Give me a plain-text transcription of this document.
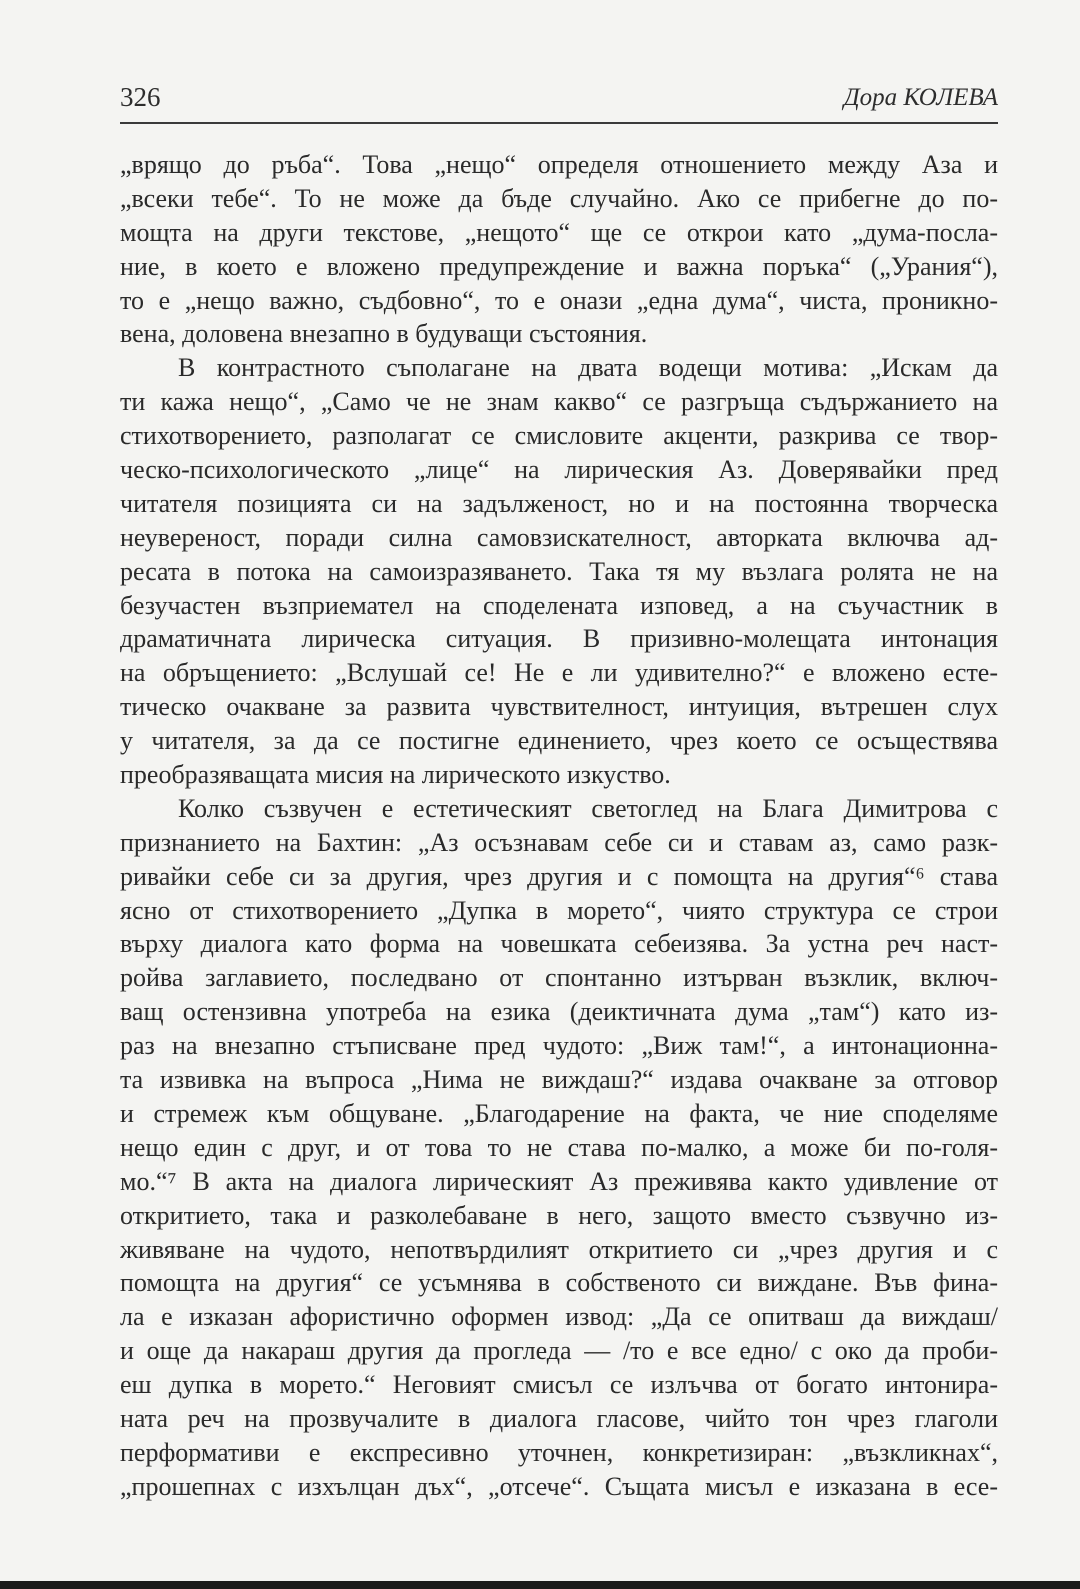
326	Дора КОЛЕВА
„врящо до ръба“. Това „нещо“ определя отношението между Аза и
„всеки тебе“. То не може да бъде случайно. Ако се прибегне до по-
мощта на други текстове, „нещото“ ще се открои като „дума-посла-
ние, в което е вложено предупреждение и важна поръка“ („Урания“),
то е „нещо важно, съдбовно“, то е онази „една дума“, чиста, проникно-
вена, доловена внезапно в будуващи състояния.
В контрастното съполагане на двата водещи мотива: „Искам да
ти кажа нещо“, „Само че не знам какво“ се разгръща съдържанието на
стихотворението, разполагат се смисловите акценти, разкрива се твор-
ческо-психологическото „лице“ на лирическия Аз. Доверявайки пред
читателя позицията си на задълженост, но и на постоянна творческа
неувереност, поради силна самовзискателност, авторката включва ад-
ресата в потока на самоизразяването. Така тя му възлага ролята не на
безучастен възприемател на споделената изповед, а на съучастник в
драматичната лирическа ситуация. В призивно-молещата интонация
на обръщението: „Вслушай се! Не е ли удивително?“ е вложено есте-
тическо очакване за развита чувствителност, интуиция, вътрешен слух
у читателя, за да се постигне единението, чрез което се осъществява
преобразяващата мисия на лирическото изкуство.
Колко съзвучен е естетическият светоглед на Блага Димитрова с
признанието на Бахтин: „Аз осъзнавам себе си и ставам аз, само разк-
ривайки себе си за другия, чрез другия и с помощта на другия“⁶ става
ясно от стихотворението „Дупка в морето“, чиято структура се строи
върху диалога като форма на човешката себеизява. За устна реч наст-
ройва заглавието, последвано от спонтанно изтърван възклик, включ-
ващ остензивна употреба на езика (деиктичната дума „там“) като из-
раз на внезапно стъписване пред чудото: „Виж там!“, а интонационна-
та извивка на въпроса „Нима не виждаш?“ издава очакване за отговор
и стремеж към общуване. „Благодарение на факта, че ние споделяме
нещо един с друг, и от това то не става по-малко, а може би по-голя-
мо.“⁷ В акта на диалога лирическият Аз преживява както удивление от
откритието, така и разколебаване в него, защото вместо съзвучно из-
живяване на чудото, непотвърдилият откритието си „чрез другия и с
помощта на другия“ се усъмнява в собственото си виждане. Във фина-
ла е изказан афористично оформен извод: „Да се опитваш да виждаш/
и още да накараш другия да прогледа — /то е все едно/ с око да проби-
еш дупка в морето.“ Неговият смисъл се излъчва от богато интонира-
ната реч на прозвучалите в диалога гласове, чийто тон чрез глаголи
перформативи е експресивно уточнен, конкретизиран: „възкликнах“,
„прошепнах с изхълцан дъх“, „отсече“. Същата мисъл е изказана в есе-
